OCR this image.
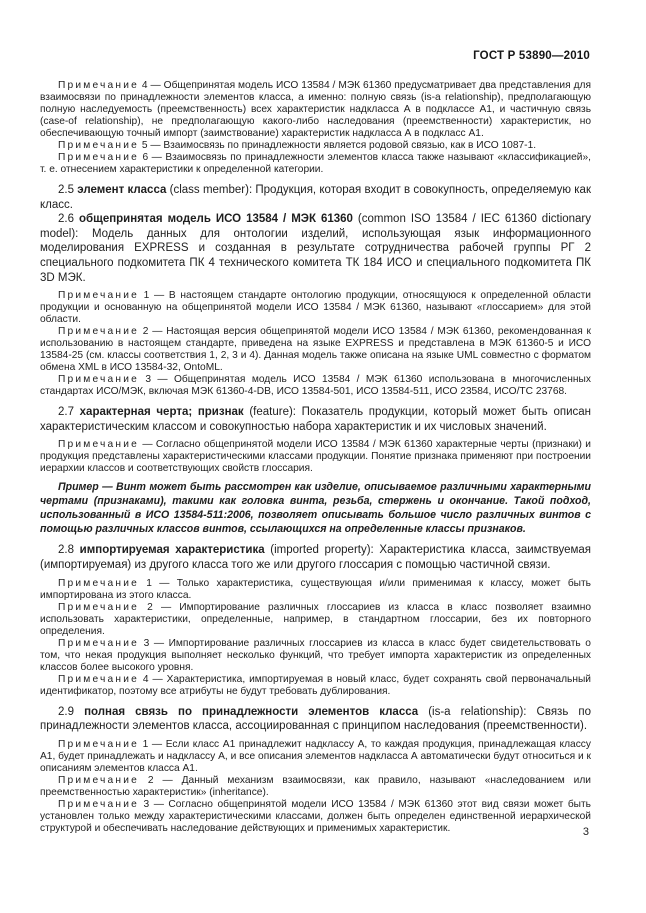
ГОСТ Р 53890—2010

Примечание 4 — Общепринятая модель ИСО 13584 / МЭК 61360 предусматривает два представления для взаимосвязи по принадлежности элементов класса, а именно: полную связь (is-a relationship), предполагающую полную наследуемость (преемственность) всех характеристик надкласса А в подклассе А1, и частичную связь (case-of relationship), не предполагающую какого-либо наследования (преемственности) характеристик, но обеспечивающую точный импорт (заимствование) характеристик надкласса А в подкласс А1.

Примечание 5 — Взаимосвязь по принадлежности является родовой связью, как в ИСО 1087-1.

Примечание 6 — Взаимосвязь по принадлежности элементов класса также называют «классификацией», т. е. отнесением характеристики к определенной категории.

2.5 элемент класса (class member): Продукция, которая входит в совокупность, определяемую как класс.

2.6 общепринятая модель ИСО 13584 / МЭК 61360 (common ISO 13584 / IEC 61360 dictionary model): Модель данных для онтологии изделий, использующая язык информационного моделирования EXPRESS и созданная в результате сотрудничества рабочей группы РГ 2 специального подкомитета ПК 4 технического комитета ТК 184 ИСО и специального подкомитета ПК 3D МЭК.

Примечание 1 — В настоящем стандарте онтологию продукции, относящуюся к определенной области продукции и основанную на общепринятой модели ИСО 13584 / МЭК 61360, называют «глоссарием» для этой области.

Примечание 2 — Настоящая версия общепринятой модели ИСО 13584 / МЭК 61360, рекомендованная к использованию в настоящем стандарте, приведена на языке EXPRESS и представлена в МЭК 61360-5 и ИСО 13584-25 (см. классы соответствия 1, 2, 3 и 4). Данная модель также описана на языке UML совместно с форматом обмена XML в ИСО 13584-32, OntoML.

Примечание 3 — Общепринятая модель ИСО 13584 / МЭК 61360 использована в многочисленных стандартах ИСО/МЭК, включая МЭК 61360-4-DB, ИСО 13584-501, ИСО 13584-511, ИСО 23584, ИСО/ТС 23768.

2.7 характерная черта; признак (feature): Показатель продукции, который может быть описан характеристическим классом и совокупностью набора характеристик и их числовых значений.

Примечание — Согласно общепринятой модели ИСО 13584 / МЭК 61360 характерные черты (признаки) и продукция представлены характеристическими классами продукции. Понятие признака применяют при построении иерархии классов и соответствующих свойств глоссария.

Пример — Винт может быть рассмотрен как изделие, описываемое различными характерными чертами (признаками), такими как головка винта, резьба, стержень и окончание. Такой подход, использованный в ИСО 13584-511:2006, позволяет описывать большое число различных винтов с помощью различных классов винтов, ссылающихся на определенные классы признаков.

2.8 импортируемая характеристика (imported property): Характеристика класса, заимствуемая (импортируемая) из другого класса того же или другого глоссария с помощью частичной связи.

Примечание 1 — Только характеристика, существующая и/или применимая к классу, может быть импортирована из этого класса.

Примечание 2 — Импортирование различных глоссариев из класса в класс позволяет взаимно использовать характеристики, определенные, например, в стандартном глоссарии, без их повторного определения.

Примечание 3 — Импортирование различных глоссариев из класса в класс будет свидетельствовать о том, что некая продукция выполняет несколько функций, что требует импорта характеристик из определенных классов более высокого уровня.

Примечание 4 — Характеристика, импортируемая в новый класс, будет сохранять свой первоначальный идентификатор, поэтому все атрибуты не будут требовать дублирования.

2.9 полная связь по принадлежности элементов класса (is-a relationship): Связь по принадлежности элементов класса, ассоциированная с принципом наследования (преемственности).

Примечание 1 — Если класс А1 принадлежит надклассу А, то каждая продукция, принадлежащая классу А1, будет принадлежать и надклассу А, и все описания элементов надкласса А автоматически будут относиться и к описаниям элементов класса А1.

Примечание 2 — Данный механизм взаимосвязи, как правило, называют «наследованием или преемственностью характеристик» (inheritance).

Примечание 3 — Согласно общепринятой модели ИСО 13584 / МЭК 61360 этот вид связи может быть установлен только между характеристическими классами, должен быть определен единственной иерархической структурой и обеспечивать наследование действующих и применимых характеристик.	3
